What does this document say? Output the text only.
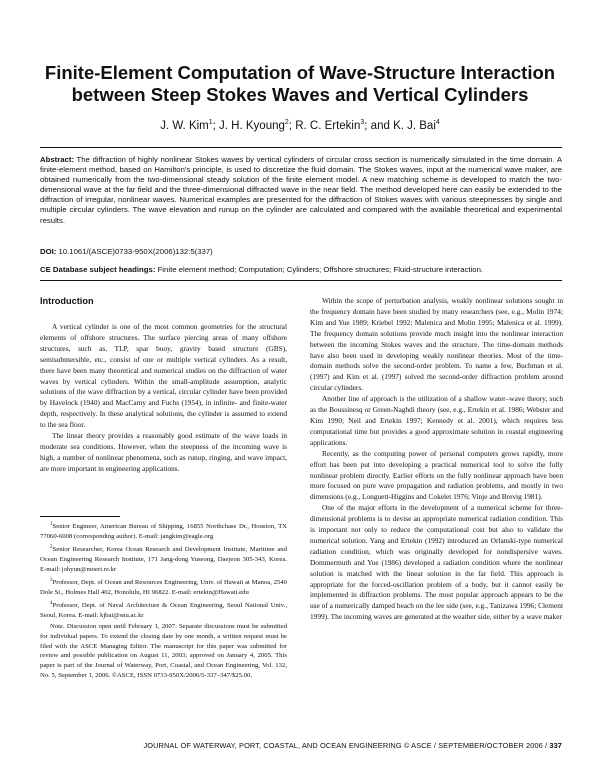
Finite-Element Computation of Wave-Structure Interaction between Steep Stokes Waves and Vertical Cylinders
J. W. Kim$^1$; J. H. Kyoung$^2$; R. C. Ertekin$^3$; and K. J. Bai$^4$

Abstract: The diffraction of highly nonlinear Stokes waves by vertical cylinders of circular cross section is numerically simulated in the time domain. A finite-element method, based on Hamilton's principle, is used to discretize the fluid domain. The Stokes waves, input at the numerical wave maker, are obtained numerically from the two-dimensional steady solution of the finite element model. A new matching scheme is developed to match the two-dimensional wave at the far field and the three-dimensional diffracted wave in the near field. The method developed here can easily be extended to the diffraction of irregular, nonlinear waves. Numerical examples are presented for the diffraction of Stokes waves with various steepnesses by single and multiple circular cylinders. The wave elevation and runup on the cylinder are calculated and compared with the available theoretical and experimental results.

DOI: 10.1061/(ASCE)0733-950X(2006)132:5(337)
CE Database subject headings: Finite element method; Computation; Cylinders; Offshore structures; Fluid-structure interaction.
Introduction

A vertical cylinder is one of the most common geometries for the structural elements of offshore structures. The surface piercing areas of many offshore structures, such as, TLP, spar buoy, gravity based structure (GBS), semisubmersible, etc., consist of one or multiple vertical cylinders. As a result, there have been many theoretical and numerical studies on the diffraction of water waves by vertical cylinders. Within the small-amplitude assumption, analytic solutions of the wave diffraction by a vertical, circular cylinder have been provided by Havelock (1940) and MacCamy and Fuchs (1954), in infinite- and finite-water depth, respectively. In these analytical solutions, the cylinder is assumed to extend to the sea floor.

The linear theory provides a reasonably good estimate of the wave loads in moderate sea conditions. However, when the steepness of the incoming wave is high, a number of nonlinear phenomena, such as runup, ringing, and wave impact, are more important in engineering applications.

$^1$Senior Engineer, American Bureau of Shipping, 16855 Northchase Dr., Houston, TX 77060-6008 (corresponding author). E-mail: jangkim@eagle.org

$^2$Senior Researcher, Korea Ocean Research and Development Institute, Maritime and Ocean Engineering Research Institute, 171 Jang-dong Yuseong, Daejeon 305-343, Korea. E-mail: johyun@moeri.re.kr

$^3$Professor, Dept. of Ocean and Resources Engineering, Univ. of Hawaii at Manoa, 2540 Dole St., Holmes Hall 402, Honolulu, HI 96822. E-mail: ertekin@Hawaii.edu

$^4$Professor, Dept. of Naval Architecture & Ocean Engineering, Seoul National Univ., Seoul, Korea. E-mail: kjbai@snu.ac.kr

Note. Discussion open until February 1, 2007. Separate discussions must be submitted for individual papers. To extend the closing date by one month, a written request must be filed with the ASCE Managing Editor. The manuscript for this paper was submitted for review and possible publication on August 11, 2003; approved on January 4, 2005. This paper is part of the Journal of Waterway, Port, Coastal, and Ocean Engineering, Vol. 132, No. 5, September 1, 2006. ©ASCE, ISSN 0733-950X/2006/5-337–347/$25.00.

Within the scope of perturbation analysis, weakly nonlinear solutions sought in the frequency domain have been studied by many researchers (see, e.g., Molin 1974; Kim and Yue 1989; Kriebel 1992; Malenica and Molin 1995; Malenica et al. 1999). The frequency domain solutions provide much insight into the nonlinear interaction between the incoming Stokes waves and the structure. The time-domain methods have also been used in developing weakly nonlinear theories. Most of the time-domain methods solve the second-order problem. To name a few, Buchman et al. (1997) and Kim et al. (1997) solved the second-order diffraction problem around circular cylinders.

Another line of approach is the utilization of a shallow water–wave theory, such as the Boussinesq or Green-Naghdi theory (see, e.g., Ertekin et al. 1986; Webster and Kim 1990; Neil and Ertekin 1997; Kennedy et al. 2001), which requires less computational time but provides a good approximate solution in coastal engineering applications.

Recently, as the computing power of personal computers grows rapidly, more effort has been put into developing a practical numerical tool to solve the fully nonlinear problem directly. Earlier efforts on the fully nonlinear approach have been more focused on pure wave propagation and radiation problems, and mostly in two dimensions (e.g., Longuett-Higgins and Cokelet 1976; Vinje and Brevig 1981).

One of the major efforts in the development of a numerical scheme for three-dimensional problems is to devise an appropriate numerical radiation condition. This is important not only to reduce the computational cost but also to validate the numerical solution. Yang and Ertekin (1992) introduced an Orlanski-type numerical radiation condition, which was originally developed for nondispersive waves. Dommermuth and Yue (1986) developed a radiation condition where the nonlinear solution is matched with the linear solution in the far field. This approach is appropriate for the forced-oscillation problem of a body, but it cannot easily be implemented in diffraction problems. The most popular approach appears to be the use of a numerically damped beach on the lee side (see, e.g., Tanizawa 1996; Clement 1999). The incoming waves are generated at the weather side, either by a wave maker

JOURNAL OF WATERWAY, PORT, COASTAL, AND OCEAN ENGINEERING © ASCE / SEPTEMBER/OCTOBER 2006 / 337
